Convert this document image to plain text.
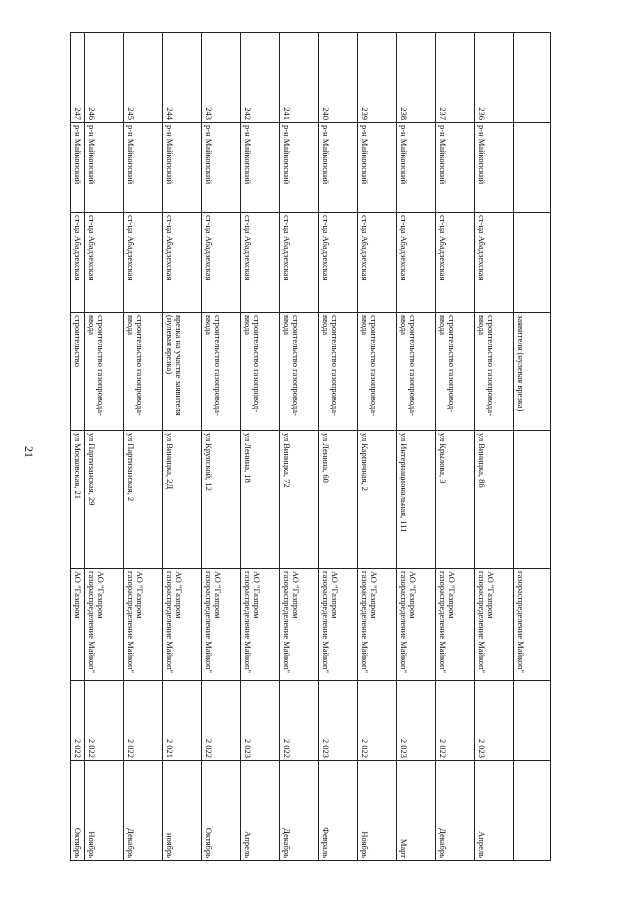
21
			заявителя (нулевая врезка)		газораспределение Майкоп"		
236	р-н Майкопский	ст-ца Абадзехская	строительство газопровода-ввода	ул Виницка, 86	АО "Газпром газораспределение Майкоп"	2 023	Апрель
237	р-н Майкопский	ст-ца Абадзехская	строительство газопровод-ввода	ул Крылова, 3	АО "Газпром газораспределение Майкоп"	2 022	Декабрь
238	р-н Майкопский	ст-ца Абадзехская	строительство газопровода-ввода	ул Интернациональная, 111	АО "Газпром газораспределение Майкоп"	2 023	Март
239	р-н Майкопский	ст-ца Абадзехская	строительство газопровода-ввода	ул Карпичная, 2	АО "Газпром газораспределение Майкоп"	2 022	Ноябрь
240	р-н Майкопский	ст-ца Абадзехская	строительство газопровода-ввода	ул Ленина, 60	АО "Газпром газораспределение Майкоп"	2 023	Февраль
241	р-н Майкопский	ст-ца Абадзехская	строительство газопровода-ввода	ул Виницка, 72	АО "Газпром газораспределение Майкоп"	2 022	Декабрь
242	р-н Майкопский	ст-ца Абадзехская	строительство газопровод-ввода	ул Ленина, 18	АО "Газпром газораспределение Майкоп"	2 023	Апрель
243	р-н Майкопский	ст-ца Абадзехская	строительство газопровода-ввода	ул Крупской, 12	АО "Газпром газораспределение Майкоп"	2 022	Октябрь
244	р-н Майкопский	ст-ца Абадзехская	врезка на участке заявителя (нулевая врезка)	ул Виницка, 2Д	АО "Газпром газораспределение Майкоп"	2 021	ноябрь
245	р-н Майкопский	ст-ца Абадзехская	строительство газопровода-ввода	ул Партизанская, 2	АО "Газпром газораспределение Майкоп"	2 022	Декабрь
246	р-н Майкопский	ст-ца Абадзехская	строительство газопровода-ввода	ул Партизанская, 29	АО "Газпром газораспределение Майкоп"	2 022	Ноябрь
247	р-н Майкопский	ст-ца Абадзехская	строительство	ул Московская, 21	АО "Газпром	2 022	Октябрь
